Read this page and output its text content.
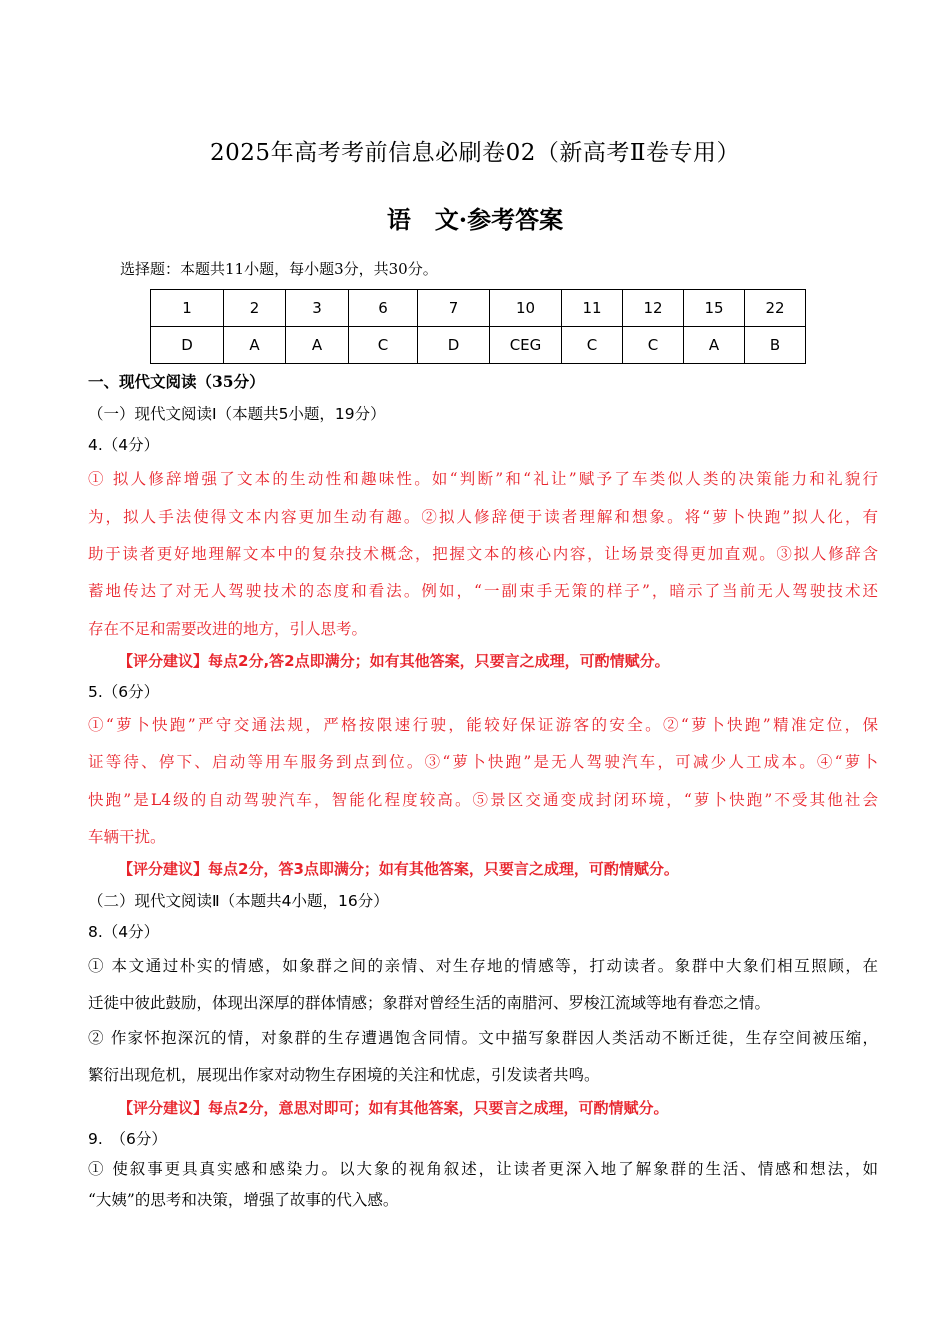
2025年高考考前信息必刷卷02（新高考Ⅱ卷专用）
语　文·参考答案
选择题：本题共11小题，每小题3分，共30分。
1	2	3	6	7	10	11	12	15	22
D	A	A	C	D	CEG	C	C	A	B
一、现代文阅读（35分）
（一）现代文阅读Ⅰ（本题共5小题，19分）
4.（4分）
① 拟人修辞增强了文本的生动性和趣味性。如“判断”和“礼让”赋予了车类似人类的决策能力和礼貌行
为，拟人手法使得文本内容更加生动有趣。②拟人修辞便于读者理解和想象。将“萝卜快跑”拟人化，有
助于读者更好地理解文本中的复杂技术概念，把握文本的核心内容，让场景变得更加直观。③拟人修辞含
蓄地传达了对无人驾驶技术的态度和看法。例如，“一副束手无策的样子”，暗示了当前无人驾驶技术还
存在不足和需要改进的地方，引人思考。
【评分建议】每点2分,答2点即满分；如有其他答案，只要言之成理，可酌情赋分。
5.（6分）
①“萝卜快跑”严守交通法规，严格按限速行驶，能较好保证游客的安全。②“萝卜快跑”精准定位，保
证等待、停下、启动等用车服务到点到位。③“萝卜快跑”是无人驾驶汽车，可减少人工成本。④“萝卜
快跑”是L4级的自动驾驶汽车，智能化程度较高。⑤景区交通变成封闭环境，“萝卜快跑”不受其他社会
车辆干扰。
【评分建议】每点2分，答3点即满分；如有其他答案，只要言之成理，可酌情赋分。
（二）现代文阅读Ⅱ（本题共4小题，16分）
8.（4分）
① 本文通过朴实的情感，如象群之间的亲情、对生存地的情感等，打动读者。象群中大象们相互照顾，在
迁徙中彼此鼓励，体现出深厚的群体情感；象群对曾经生活的南腊河、罗梭江流域等地有眷恋之情。
② 作家怀抱深沉的情，对象群的生存遭遇饱含同情。文中描写象群因人类活动不断迁徙，生存空间被压缩，
繁衍出现危机，展现出作家对动物生存困境的关注和忧虑，引发读者共鸣。
【评分建议】每点2分，意思对即可；如有其他答案，只要言之成理，可酌情赋分。
9.　（6分）
① 使叙事更具真实感和感染力。以大象的视角叙述，让读者更深入地了解象群的生活、情感和想法，如
“大姨”的思考和决策，增强了故事的代入感。
